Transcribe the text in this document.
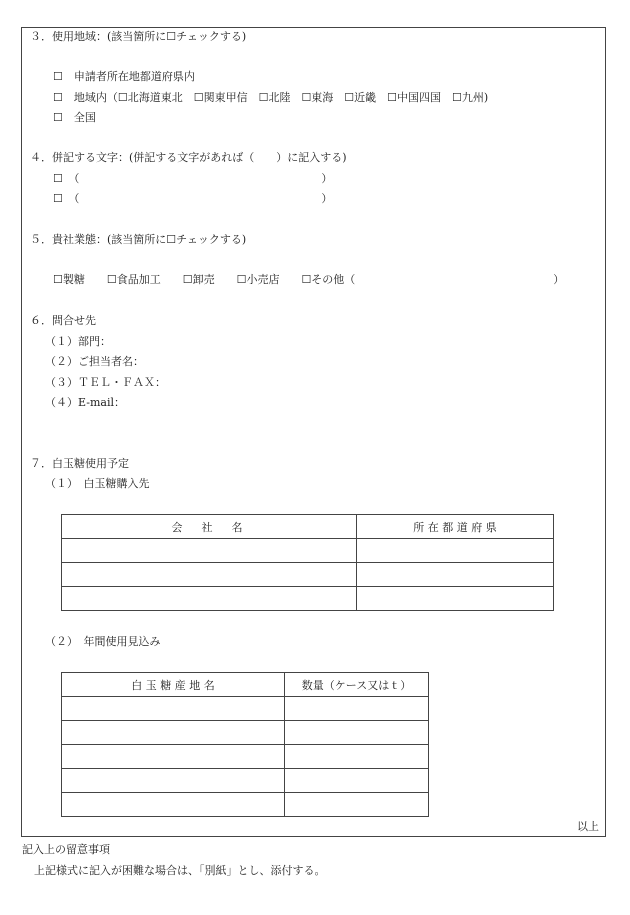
３．使用地域：(該当箇所に☐チェックする)
☐　申請者所在地都道府県内
☐　地域内（☐北海道東北　☐関東甲信　☐北陸　☐東海　☐近畿　☐中国四国　☐九州)
☐　全国
４．併記する文字：(併記する文字があれば（　　）に記入する)
☐　（　　　　　　　　　　　　　　　　　　　　　　）
☐　（　　　　　　　　　　　　　　　　　　　　　　）
５．貴社業態：(該当箇所に☐チェックする)
☐製糖　　☐食品加工　　☐卸売　　☐小売店　　☐その他（　　　　　　　　　　　　　　　　　　）
６．問合せ先
（１）部門：
（２）ご担当者名：
（３）ＴＥＬ・ＦＡＸ：
（４）E-mail：
７．白玉糖使用予定
（１）　白玉糖購入先
会　社　名	所 在 都 道 府 県

（２）　年間使用見込み
白 玉 糖 産 地 名	数量（ケース又はｔ）

以上
記入上の留意事項
上記様式に記入が困難な場合は、「別紙」とし、添付する。
